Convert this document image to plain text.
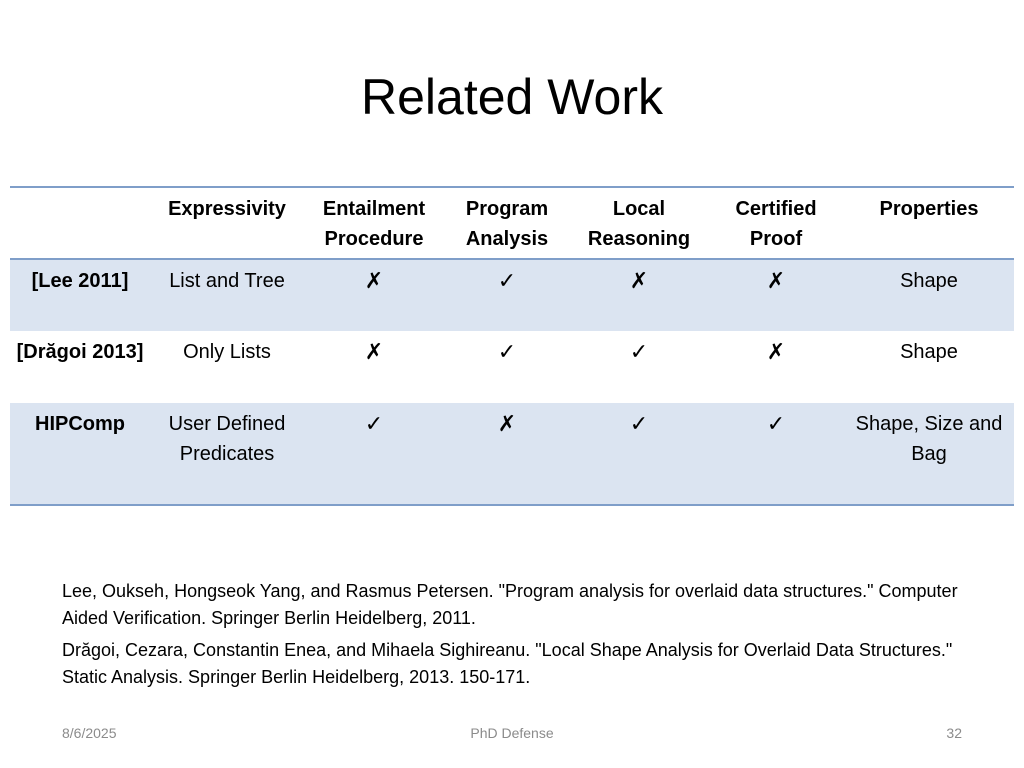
Related Work
	Expressivity	Entailment Procedure	Program Analysis	Local Reasoning	Certified Proof	Properties
[Lee 2011]	List and Tree	✗	✓	✗	✗	Shape
[Drăgoi 2013]	Only Lists	✗	✓	✓	✗	Shape
HIPComp	User Defined Predicates	✓	✗	✓	✓	Shape, Size and Bag

Lee, Oukseh, Hongseok Yang, and Rasmus Petersen. "Program analysis for overlaid data structures." Computer Aided Verification. Springer Berlin Heidelberg, 2011.

Drăgoi, Cezara, Constantin Enea, and Mihaela Sighireanu. "Local Shape Analysis for Overlaid Data Structures." Static Analysis. Springer Berlin Heidelberg, 2013. 150-171.

8/6/2025	PhD Defense	32
